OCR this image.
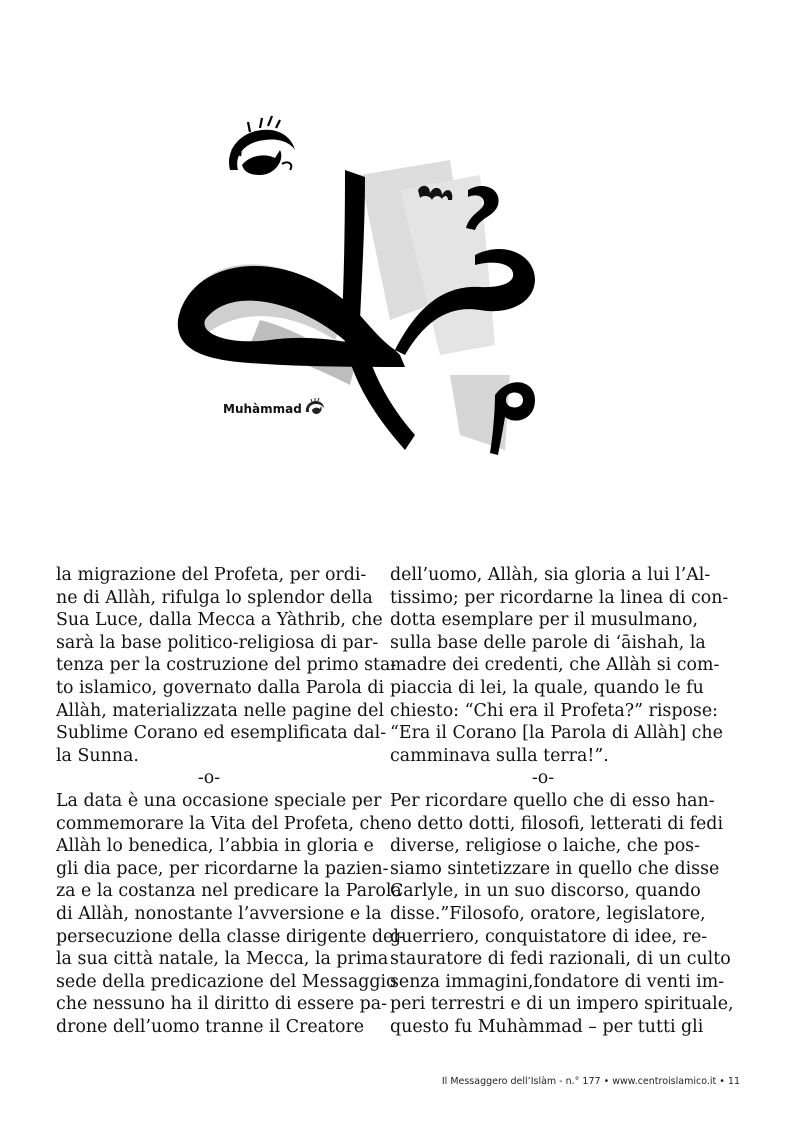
Muhàmmad
la migrazione del Profeta, per ordi-
ne di Allàh, rifulga lo splendor della
Sua Luce, dalla Mecca a Yàthrib, che
sarà la base politico-religiosa di par-
tenza per la costruzione del primo sta-
to islamico, governato dalla Parola di
Allàh, materializzata nelle pagine del
Sublime Corano ed esemplificata dal-
la Sunna.
-o-
La data è una occasione speciale per
commemorare la Vita del Profeta, che
Allàh lo benedica, l’abbia in gloria e
gli dia pace, per ricordarne la pazien-
za e la costanza nel predicare la Parola
di Allàh, nonostante l’avversione e la
persecuzione della classe dirigente del-
la sua città natale, la Mecca, la prima
sede della predicazione del Messaggio
che nessuno ha il diritto di essere pa-
drone dell’uomo tranne il Creatore
dell’uomo, Allàh, sia gloria a lui l’Al-
tissimo; per ricordarne la linea di con-
dotta esemplare per il musulmano,
sulla base delle parole di ‘āishah, la
madre dei credenti, che Allàh si com-
piaccia di lei, la quale, quando le fu
chiesto: “Chi era il Profeta?” rispose:
“Era il Corano [la Parola di Allàh] che
camminava sulla terra!”.
-o-
Per ricordare quello che di esso han-
no detto dotti, filosofi, letterati di fedi
diverse, religiose o laiche, che pos-
siamo sintetizzare in quello che disse
Carlyle, in un suo discorso, quando
disse.”Filosofo, oratore, legislatore,
guerriero, conquistatore di idee, re-
stauratore di fedi razionali, di un culto
senza immagini,fondatore di venti im-
peri terrestri e di un impero spirituale,
questo fu Muhàmmad – per tutti gli
Il Messaggero dell’Islàm - n.° 177 • www.centroislamico.it • 11
